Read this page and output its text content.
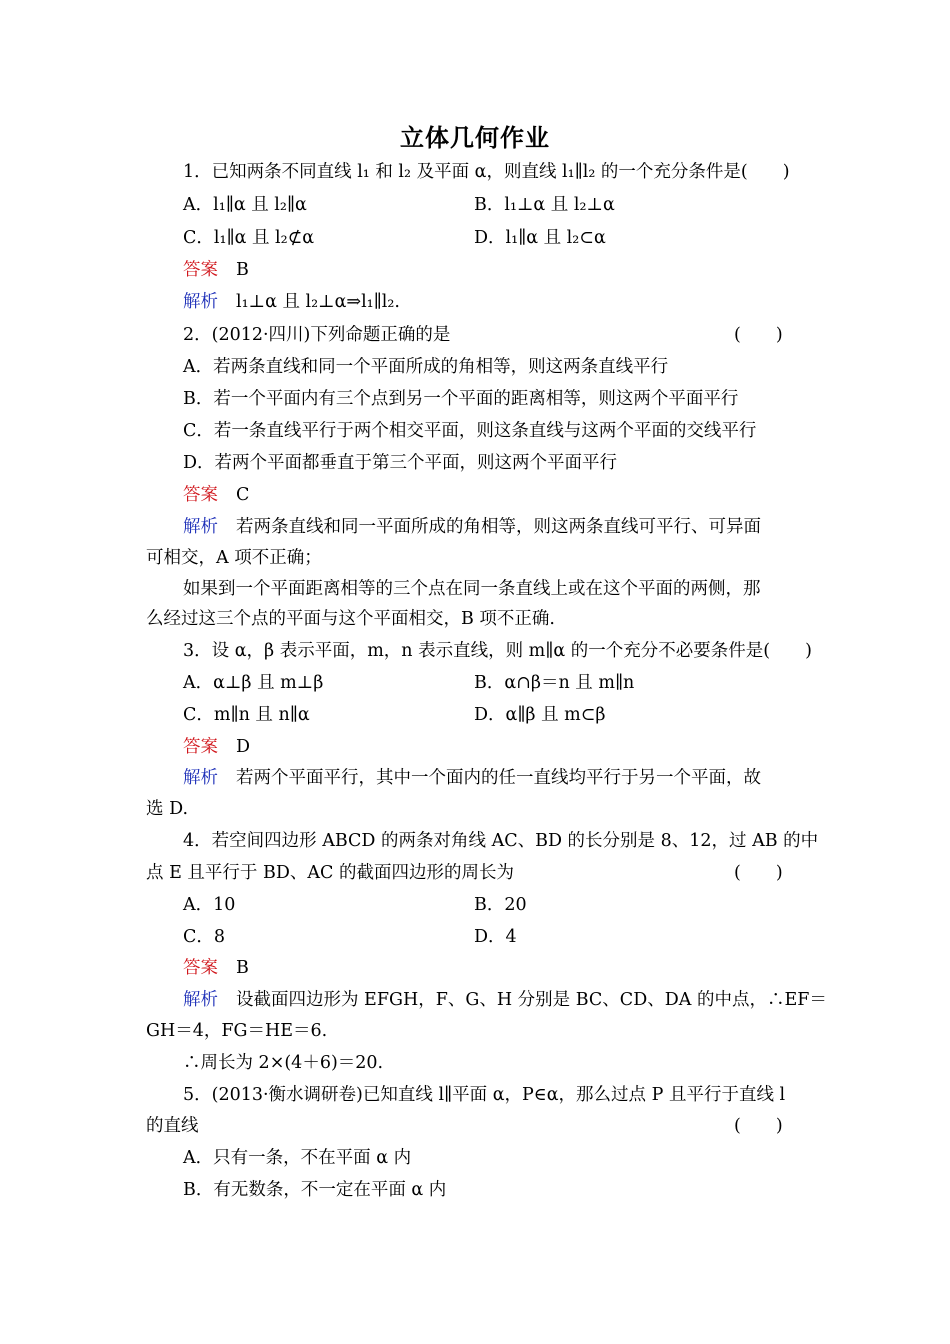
立体几何作业
1．已知两条不同直线 l₁ 和 l₂ 及平面 α，则直线 l₁∥l₂ 的一个充分条件是(　　)
A．l₁∥α 且 l₂∥α	B．l₁⊥α 且 l₂⊥α
C．l₁∥α 且 l₂⊄α	D．l₁∥α 且 l₂⊂α
答案 B
解析 l₁⊥α 且 l₂⊥α⇒l₁∥l₂.
2．(2012·四川)下列命题正确的是	(　　)
A．若两条直线和同一个平面所成的角相等，则这两条直线平行
B．若一个平面内有三个点到另一个平面的距离相等，则这两个平面平行
C．若一条直线平行于两个相交平面，则这条直线与这两个平面的交线平行
D．若两个平面都垂直于第三个平面，则这两个平面平行
答案 C
解析 若两条直线和同一平面所成的角相等，则这两条直线可平行、可异面
可相交，A 项不正确；
如果到一个平面距离相等的三个点在同一条直线上或在这个平面的两侧，那
么经过这三个点的平面与这个平面相交，B 项不正确.
3．设 α，β 表示平面，m，n 表示直线，则 m∥α 的一个充分不必要条件是(　　)
A．α⊥β 且 m⊥β	B．α∩β＝n 且 m∥n
C．m∥n 且 n∥α	D．α∥β 且 m⊂β
答案 D
解析 若两个平面平行，其中一个面内的任一直线均平行于另一个平面，故
选 D.
4．若空间四边形 ABCD 的两条对角线 AC、BD 的长分别是 8、12，过 AB 的中
点 E 且平行于 BD、AC 的截面四边形的周长为	(　　)
A．10	B．20
C．8	D．4
答案 B
解析 设截面四边形为 EFGH，F、G、H 分别是 BC、CD、DA 的中点，∴EF＝
GH＝4，FG＝HE＝6.
∴周长为 2×(4＋6)＝20.
5．(2013·衡水调研卷)已知直线 l∥平面 α，P∈α，那么过点 P 且平行于直线 l
的直线	(　　)
A．只有一条，不在平面 α 内
B．有无数条，不一定在平面 α 内
